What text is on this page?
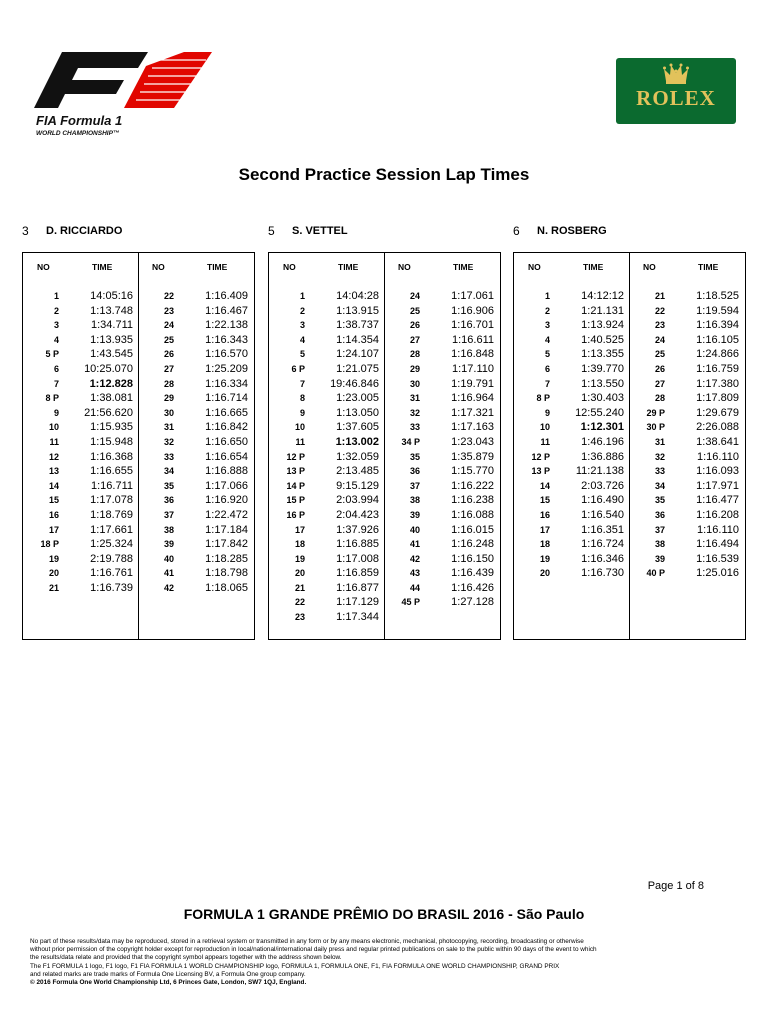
FIA Formula 1
WORLD CHAMPIONSHIP™
ROLEX
Second Practice Session Lap Times
3 D. RICCIARDO
NO	TIME	NO	TIME
1	14:05:16
2	1:13.748
3	1:34.711
4	1:13.935
5 P	1:43.545
6	10:25.070
7	1:12.828
8 P	1:38.081
9	21:56.620
10	1:15.935
11	1:15.948
12	1:16.368
13	1:16.655
14	1:16.711
15	1:17.078
16	1:18.769
17	1:17.661
18 P	1:25.324
19	2:19.788
20	1:16.761
21	1:16.739
22	1:16.409
23	1:16.467
24	1:22.138
25	1:16.343
26	1:16.570
27	1:25.209
28	1:16.334
29	1:16.714
30	1:16.665
31	1:16.842
32	1:16.650
33	1:16.654
34	1:16.888
35	1:17.066
36	1:16.920
37	1:22.472
38	1:17.184
39	1:17.842
40	1:18.285
41	1:18.798
42	1:18.065
5 S. VETTEL
NO	TIME	NO	TIME
1	14:04:28
2	1:13.915
3	1:38.737
4	1:14.354
5	1:24.107
6 P	1:21.075
7	19:46.846
8	1:23.005
9	1:13.050
10	1:37.605
11	1:13.002
12 P	1:32.059
13 P	2:13.485
14 P	9:15.129
15 P	2:03.994
16 P	2:04.423
17	1:37.926
18	1:16.885
19	1:17.008
20	1:16.859
21	1:16.877
22	1:17.129
23	1:17.344
24	1:17.061
25	1:16.906
26	1:16.701
27	1:16.611
28	1:16.848
29	1:17.110
30	1:19.791
31	1:16.964
32	1:17.321
33	1:17.163
34 P	1:23.043
35	1:35.879
36	1:15.770
37	1:16.222
38	1:16.238
39	1:16.088
40	1:16.015
41	1:16.248
42	1:16.150
43	1:16.439
44	1:16.426
45 P	1:27.128
6 N. ROSBERG
NO	TIME	NO	TIME
1	14:12:12
2	1:21.131
3	1:13.924
4	1:40.525
5	1:13.355
6	1:39.770
7	1:13.550
8 P	1:30.403
9	12:55.240
10	1:12.301
11	1:46.196
12 P	1:36.886
13 P	11:21.138
14	2:03.726
15	1:16.490
16	1:16.540
17	1:16.351
18	1:16.724
19	1:16.346
20	1:16.730
21	1:18.525
22	1:19.594
23	1:16.394
24	1:16.105
25	1:24.866
26	1:16.759
27	1:17.380
28	1:17.809
29 P	1:29.679
30 P	2:26.088
31	1:38.641
32	1:16.110
33	1:16.093
34	1:17.971
35	1:16.477
36	1:16.208
37	1:16.110
38	1:16.494
39	1:16.539
40 P	1:25.016
Page 1 of 8
FORMULA 1 GRANDE PRÊMIO DO BRASIL 2016 - São Paulo
No part of these results/data may be reproduced, stored in a retrieval system or transmitted in any form or by any means electronic, mechanical, photocopying, recording, broadcasting or otherwise
without prior permission of the copyright holder except for reproduction in local/national/international daily press and regular printed publications on sale to the public within 90 days of the event to which
the results/data relate and provided that the copyright symbol appears together with the address shown below.
The F1 FORMULA 1 logo, F1 logo, F1 FIA FORMULA 1 WORLD CHAMPIONSHIP logo, FORMULA 1, FORMULA ONE, F1, FIA FORMULA ONE WORLD CHAMPIONSHIP, GRAND PRIX
and related marks are trade marks of Formula One Licensing BV, a Formula One group company.
© 2016 Formula One World Championship Ltd, 6 Princes Gate, London, SW7 1QJ, England.
